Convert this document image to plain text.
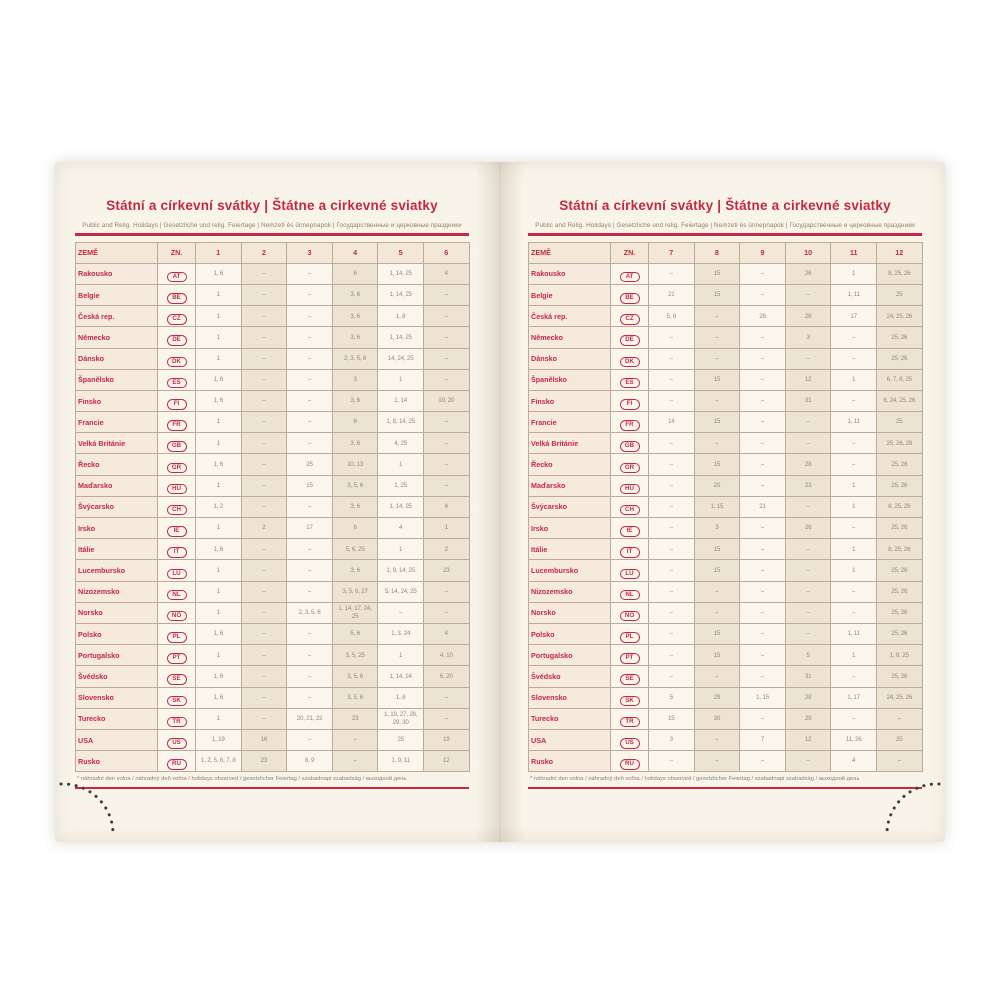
Státní a církevní svátky | Štátne a cirkevné sviatky
Public and Relig. Holidays | Gesetzliche und relig. Feiertage | Nemzeti és ünnepnapok | Государственные и церковные праздники
ZEMĚ	ZN.	1	2	3	4	5	6
Rakousko	AT	1, 6	–	–	6	1, 14, 25	4
Belgie	BE	1	–	–	3, 6	1, 14, 25	–
Česká rep.	CZ	1	–	–	3, 6	1, 8	–
Německo	DE	1	–	–	3, 6	1, 14, 25	–
Dánsko	DK	1	–	–	2, 3, 5, 6	14, 24, 25	–
Španělsko	ES	1, 6	–	–	3	1	–
Finsko	FI	1, 6	–	–	3, 6	1, 14	19, 20
Francie	FR	1	–	–	6	1, 8, 14, 25	–
Velká Británie	GB	1	–	–	3, 6	4, 25	–
Řecko	GR	1, 6	–	25	10, 13	1	–
Maďarsko	HU	1	–	15	3, 5, 6	1, 25	–
Švýcarsko	CH	1, 2	–	–	3, 6	1, 14, 25	4
Irsko	IE	1	2	17	6	4	1
Itálie	IT	1, 6	–	–	5, 6, 25	1	2
Lucembursko	LU	1	–	–	3, 6	1, 9, 14, 25	23
Nizozemsko	NL	1	–	–	3, 5, 6, 27	5, 14, 24, 25	–
Norsko	NO	1	–	2, 3, 5, 6	1, 14, 17, 24, 25	–	–
Polsko	PL	1, 6	–	–	5, 6	1, 3, 24	4
Portugalsko	PT	1	–	–	3, 5, 25	1	4, 10
Švédsko	SE	1, 6	–	–	3, 5, 6	1, 14, 24	6, 20
Slovensko	SK	1, 6	–	–	3, 5, 6	1, 8	–
Turecko	TR	1	–	20, 21, 22	23	1, 19, 27, 28, 29, 30	–
USA	US	1, 19	16	–	–	25	19
Rusko	RU	1, 2, 5, 6, 7, 8	23	8, 9	–	1, 9, 11	12
* náhradní den volna / náhradný deň voľna / holidays observed / gesetzlicher Feiertag / szabadnapi szabadság / выходной день
Státní a církevní svátky | Štátne a cirkevné sviatky
Public and Relig. Holidays | Gesetzliche und relig. Feiertage | Nemzeti és ünnepnapok | Государственные и церковные праздники
ZEMĚ	ZN.	7	8	9	10	11	12
Rakousko	AT	–	15	–	26	1	8, 25, 26
Belgie	BE	21	15	–	–	1, 11	25
Česká rep.	CZ	5, 6	–	28	28	17	24, 25, 26
Německo	DE	–	–	–	3	–	25, 26
Dánsko	DK	–	–	–	–	–	25, 26
Španělsko	ES	–	15	–	12	1	6, 7, 8, 25
Finsko	FI	–	–	–	31	–	6, 24, 25, 26
Francie	FR	14	15	–	–	1, 11	25
Velká Británie	GB	–	–	–	–	–	25, 26, 28
Řecko	GR	–	15	–	28	–	25, 26
Maďarsko	HU	–	20	–	23	1	25, 26
Švýcarsko	CH	–	1, 15	21	–	1	8, 25, 26
Irsko	IE	–	3	–	26	–	25, 26
Itálie	IT	–	15	–	–	1	8, 25, 26
Lucembursko	LU	–	15	–	–	1	25, 26
Nizozemsko	NL	–	–	–	–	–	25, 26
Norsko	NO	–	–	–	–	–	25, 26
Polsko	PL	–	15	–	–	1, 11	25, 26
Portugalsko	PT	–	15	–	5	1	1, 8, 25
Švédsko	SE	–	–	–	31	–	25, 26
Slovensko	SK	5	29	1, 15	28	1, 17	24, 25, 26
Turecko	TR	15	30	–	29	–	–
USA	US	3	–	7	12	11, 26	25
Rusko	RU	–	–	–	–	4	–
* náhradní den volna / náhradný deň voľna / holidays observed / gesetzlicher Feiertag / szabadnapi szabadság / выходной день
